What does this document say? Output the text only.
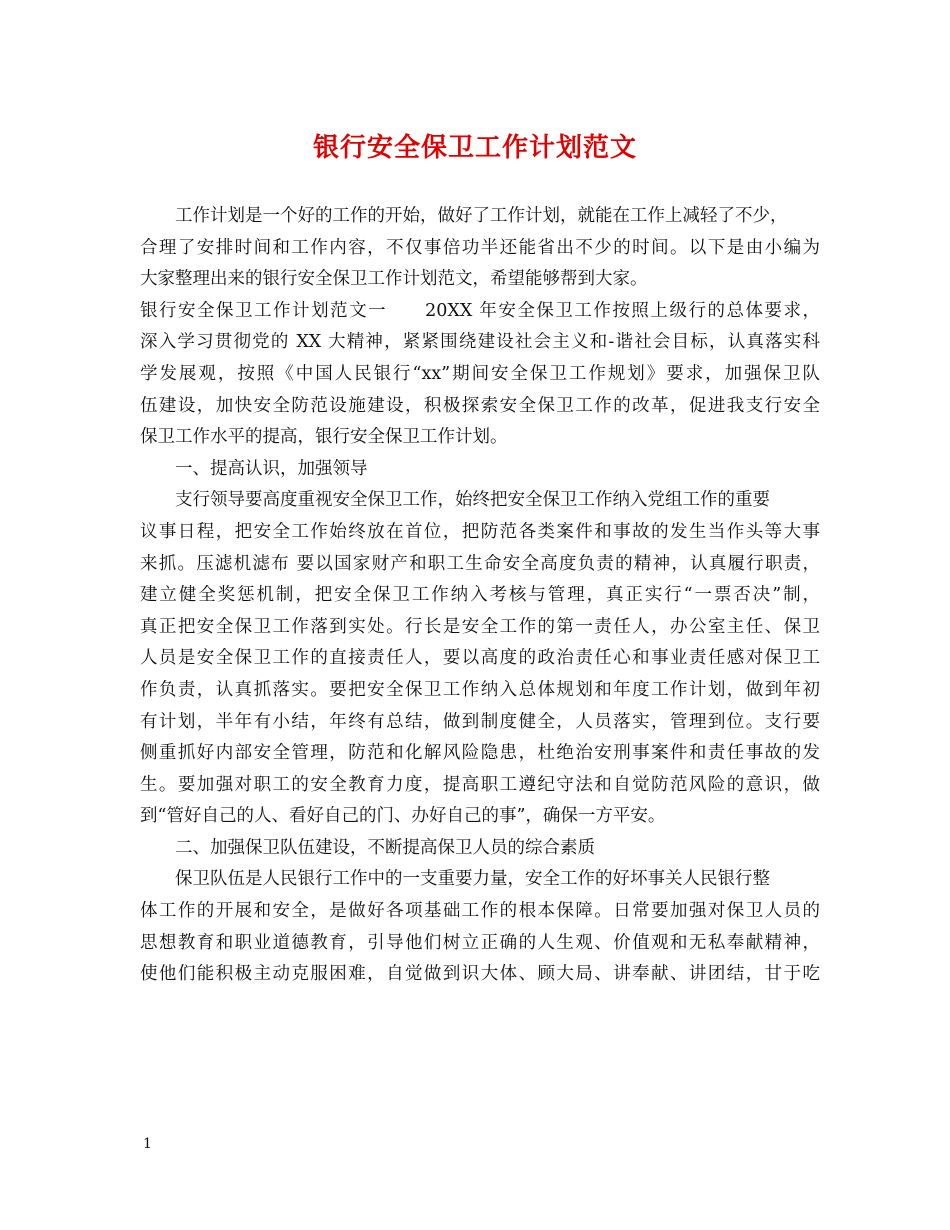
银行安全保卫工作计划范文
工作计划是一个好的工作的开始，做好了工作计划，就能在工作上减轻了不少，
合理了安排时间和工作内容，不仅事倍功半还能省出不少的时间。以下是由小编为
大家整理出来的银行安全保卫工作计划范文，希望能够帮到大家。
银行安全保卫工作计划范文一　　20XX 年安全保卫工作按照上级行的总体要求，
深入学习贯彻党的 XX 大精神，紧紧围绕建设社会主义和-谐社会目标，认真落实科
学发展观，按照《中国人民银行“xx”期间安全保卫工作规划》要求，加强保卫队
伍建设，加快安全防范设施建设，积极探索安全保卫工作的改革，促进我支行安全
保卫工作水平的提高，银行安全保卫工作计划。
一、提高认识，加强领导
支行领导要高度重视安全保卫工作，始终把安全保卫工作纳入党组工作的重要
议事日程，把安全工作始终放在首位，把防范各类案件和事故的发生当作头等大事
来抓。压滤机滤布 要以国家财产和职工生命安全高度负责的精神，认真履行职责，
建立健全奖惩机制，把安全保卫工作纳入考核与管理，真正实行“一票否决”制，
真正把安全保卫工作落到实处。行长是安全工作的第一责任人，办公室主任、保卫
人员是安全保卫工作的直接责任人，要以高度的政治责任心和事业责任感对保卫工
作负责，认真抓落实。要把安全保卫工作纳入总体规划和年度工作计划，做到年初
有计划，半年有小结，年终有总结，做到制度健全，人员落实，管理到位。支行要
侧重抓好内部安全管理，防范和化解风险隐患，杜绝治安刑事案件和责任事故的发
生。要加强对职工的安全教育力度，提高职工遵纪守法和自觉防范风险的意识，做
到“管好自己的人、看好自己的门、办好自己的事”，确保一方平安。
二、加强保卫队伍建设，不断提高保卫人员的综合素质
保卫队伍是人民银行工作中的一支重要力量，安全工作的好坏事关人民银行整
体工作的开展和安全，是做好各项基础工作的根本保障。日常要加强对保卫人员的
思想教育和职业道德教育，引导他们树立正确的人生观、价值观和无私奉献精神，
使他们能积极主动克服困难，自觉做到识大体、顾大局、讲奉献、讲团结，甘于吃
1
